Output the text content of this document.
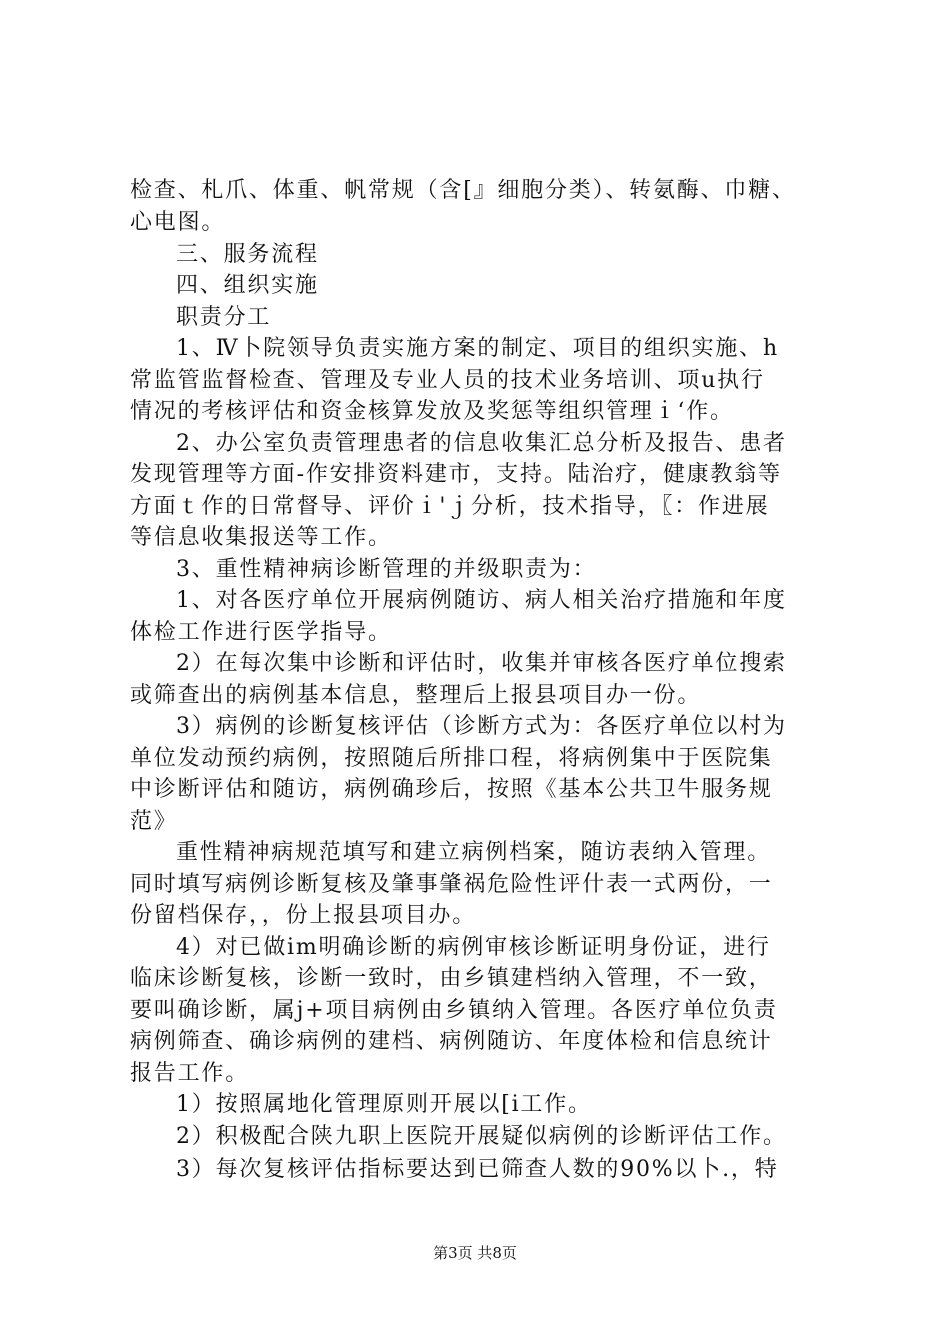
检查、札爪、体重、帆常规（含[』细胞分类）、转氨酶、巾糖、
心电图。
三、服务流程
四、组织实施
职责分工
1、Ⅳ卜院领导负责实施方案的制定、项目的组织实施、h
常监管监督检查、管理及专业人员的技术业务培训、项u执行
情况的考核评估和资金核算发放及奖惩等组织管理ｉ‘作。
2、办公室负责管理患者的信息收集汇总分析及报告、患者
发现管理等方面-作安排资料建市，支持。陆治疗，健康教翁等
方面ｔ作的日常督导、评价ｉ'ｊ分析，技术指导，〖：作进展
等信息收集报送等工作。
3、重性精神病诊断管理的并级职责为：
1、对各医疗单位开展病例随访、病人相关治疗措施和年度
体检工作进行医学指导。
2）在每次集中诊断和评估时，收集并审核各医疗单位搜索
或筛查出的病例基本信息，整理后上报县项目办一份。
3）病例的诊断复核评估（诊断方式为：各医疗单位以村为
单位发动预约病例，按照随后所排口程，将病例集中于医院集
中诊断评估和随访，病例确珍后，按照《基本公共卫牛服务规
范》
重性精神病规范填写和建立病例档案，随访表纳入管理。
同时填写病例诊断复核及肇事肇祸危险性评什表一式两份，一
份留档保存，，份上报县项目办。
4）对已做im明确诊断的病例审核诊断证明身份证，进行
临床诊断复核，诊断一致时，由乡镇建档纳入管理，不一致，
要叫确诊断，属j+项目病例由乡镇纳入管理。各医疗单位负责
病例筛查、确诊病例的建档、病例随访、年度体检和信息统计
报告工作。
1）按照属地化管理原则开展以[i工作。
2）积极配合陕九职上医院开展疑似病例的诊断评估工作。
3）每次复核评估指标要达到已筛查人数的90%以卜.，特
第3页 共8页
